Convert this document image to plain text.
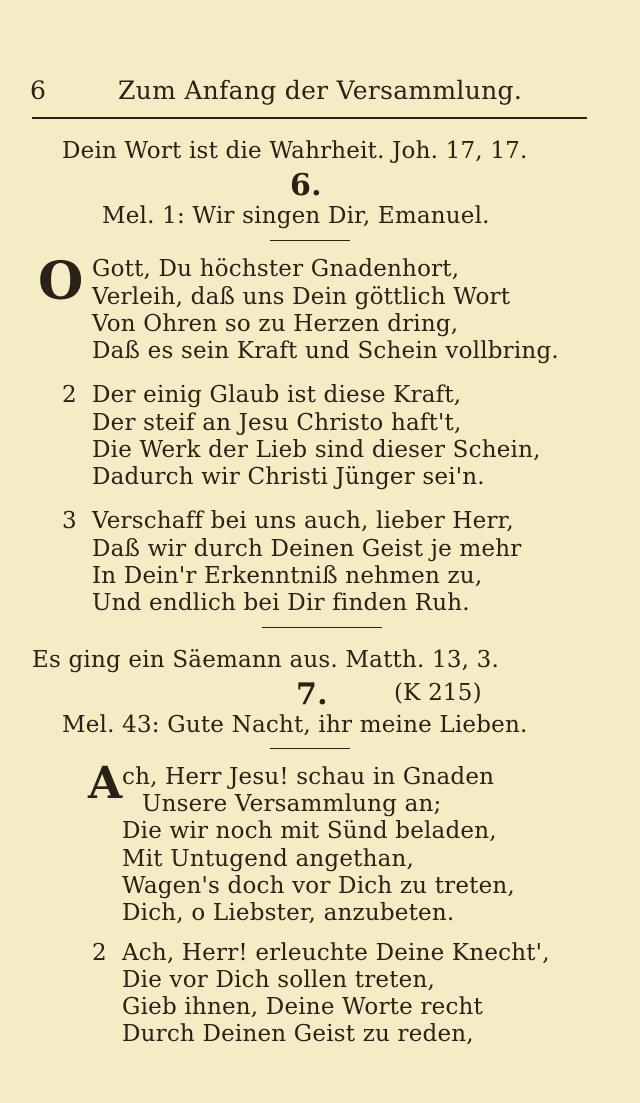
6	Zum Anfang der Versammlung.
Dein Wort ist die Wahrheit. Joh. 17, 17.
6.
Mel. 1: Wir singen Dir, Emanuel.
O Gott, Du höchster Gnadenhort,
Verleih, daß uns Dein göttlich Wort
Von Ohren so zu Herzen dring,
Daß es sein Kraft und Schein vollbring.
2 Der einig Glaub ist diese Kraft,
Der steif an Jesu Christo haft't,
Die Werk der Lieb sind dieser Schein,
Dadurch wir Christi Jünger sei'n.
3 Verschaff bei uns auch, lieber Herr,
Daß wir durch Deinen Geist je mehr
In Dein'r Erkenntniß nehmen zu,
Und endlich bei Dir finden Ruh.
Es ging ein Säemann aus. Matth. 13, 3.
7.	(K 215)
Mel. 43: Gute Nacht, ihr meine Lieben.
A ch, Herr Jesu! schau in Gnaden
Unsere Versammlung an;
Die wir noch mit Sünd beladen,
Mit Untugend angethan,
Wagen's doch vor Dich zu treten,
Dich, o Liebster, anzubeten.
2 Ach, Herr! erleuchte Deine Knecht',
Die vor Dich sollen treten,
Gieb ihnen, Deine Worte recht
Durch Deinen Geist zu reden,
